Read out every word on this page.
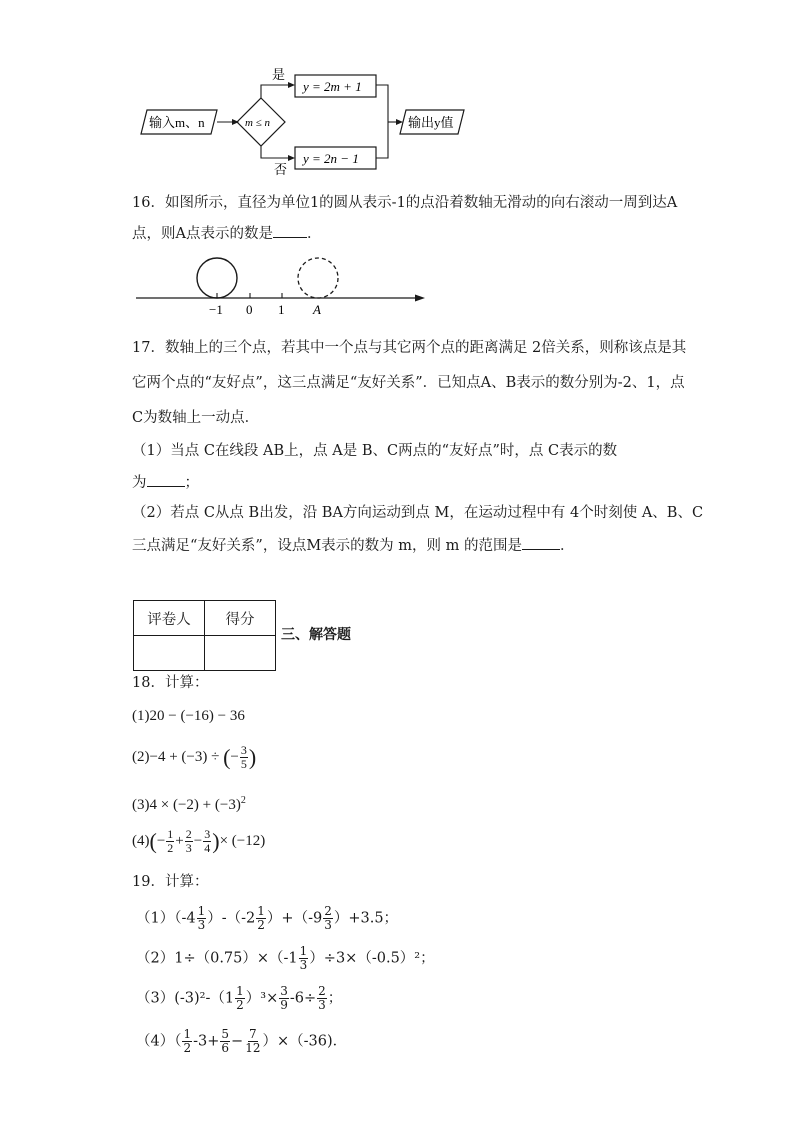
输入m、n	m ≤ n
是
y = 2m + 1
否
y = 2n − 1
输出y值
16．如图所示，直径为单位1的圆从表示-1的点沿着数轴无滑动的向右滚动一周到达A
点，则A点表示的数是 ．
−1 0 1 A
17．数轴上的三个点，若其中一个点与其它两个点的距离满足 2倍关系，则称该点是其
它两个点的“友好点”，这三点满足“友好关系”．已知点A、B表示的数分别为-2、1，点
C为数轴上一动点．
（1）当点 C在线段 AB上，点 A是 B、C两点的“友好点”时，点 C表示的数
为	；
（2）若点 C从点 B出发，沿 BA方向运动到点 M，在运动过程中有 4个时刻使 A、B、C
三点满足“友好关系”，设点M表示的数为 m，则 m 的范围是	．
评卷人	得分

三、解答题
18．计算：
(1)20 − (−16) − 36
(2)−4 + (−3) ÷ (− $\frac{3}{5}$ )
$(3)4 \times (-2) + (-3)^2$
$(4)(- \frac{1}{2} + \frac{2}{3} - \frac{3}{4}$ )× (−12)
19．计算：
$(1)(-4 \frac{1}{3} )-(-2 \frac{1}{2} )+(-9 \frac{2}{3} )+3.5$；
$(2)1\div(0.75)\times(-1 \frac{1}{3} )\div 3\times(-0.5)^2$；
$(3)(-3)^2-(1 \frac{1}{2} )^3\times \frac{3}{9} -6\div \frac{2}{3}$ ；
$(4)( \frac{1}{2} -3+ \frac{5}{6} - \frac{7}{12} )\times(-36)$．
